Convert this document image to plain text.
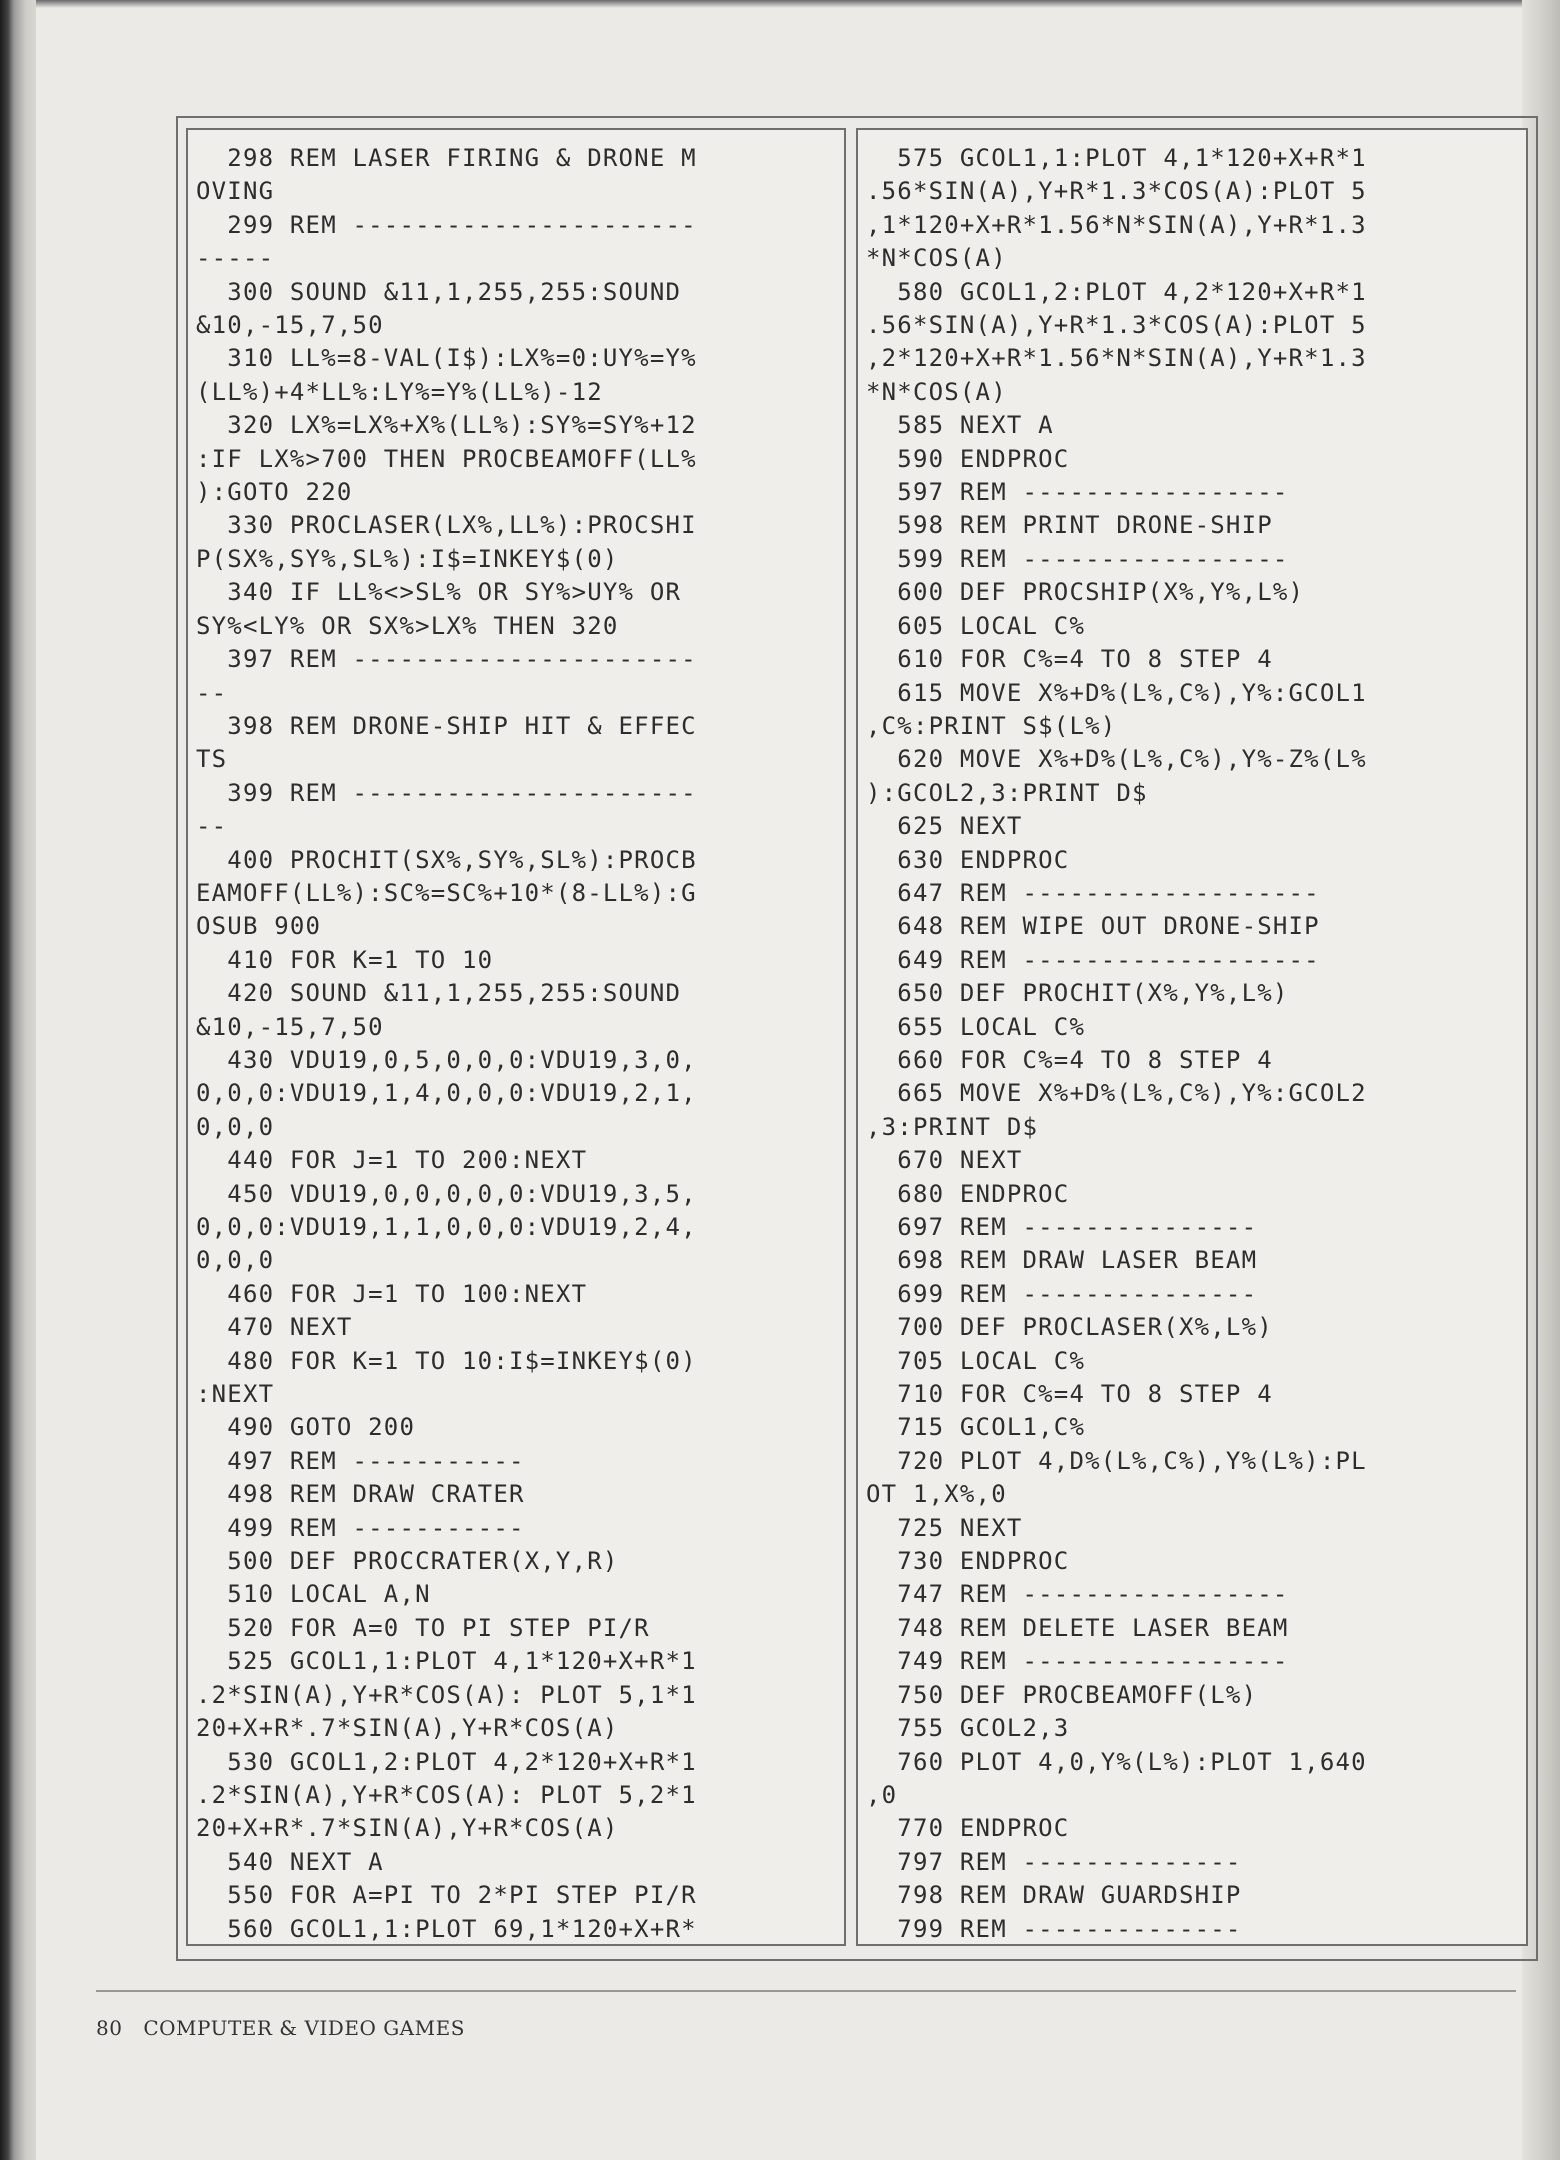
298 REM LASER FIRING & DRONE M
OVING
299 REM ----------------------
-----
300 SOUND &11,1,255,255:SOUND
&10,-15,7,50
310 LL%=8-VAL(I$):LX%=0:UY%=Y%
(LL%)+4*LL%:LY%=Y%(LL%)-12
320 LX%=LX%+X%(LL%):SY%=SY%+12
:IF LX%>700 THEN PROCBEAMOFF(LL%
):GOTO 220
330 PROCLASER(LX%,LL%):PROCSHI
P(SX%,SY%,SL%):I$=INKEY$(0)
340 IF LL%<>SL% OR SY%>UY% OR
SY%<LY% OR SX%>LX% THEN 320
397 REM ----------------------
--
398 REM DRONE-SHIP HIT & EFFEC
TS
399 REM ----------------------
--
400 PROCHIT(SX%,SY%,SL%):PROCB
EAMOFF(LL%):SC%=SC%+10*(8-LL%):G
OSUB 900
410 FOR K=1 TO 10
420 SOUND &11,1,255,255:SOUND
&10,-15,7,50
430 VDU19,0,5,0,0,0:VDU19,3,0,
0,0,0:VDU19,1,4,0,0,0:VDU19,2,1,
0,0,0
440 FOR J=1 TO 200:NEXT
450 VDU19,0,0,0,0,0:VDU19,3,5,
0,0,0:VDU19,1,1,0,0,0:VDU19,2,4,
0,0,0
460 FOR J=1 TO 100:NEXT
470 NEXT
480 FOR K=1 TO 10:I$=INKEY$(0)
:NEXT
490 GOTO 200
497 REM -----------
498 REM DRAW CRATER
499 REM -----------
500 DEF PROCCRATER(X,Y,R)
510 LOCAL A,N
520 FOR A=0 TO PI STEP PI/R
525 GCOL1,1:PLOT 4,1*120+X+R*1
.2*SIN(A),Y+R*COS(A): PLOT 5,1*1
20+X+R*.7*SIN(A),Y+R*COS(A)
530 GCOL1,2:PLOT 4,2*120+X+R*1
.2*SIN(A),Y+R*COS(A): PLOT 5,2*1
20+X+R*.7*SIN(A),Y+R*COS(A)
540 NEXT A
550 FOR A=PI TO 2*PI STEP PI/R
560 GCOL1,1:PLOT 69,1*120+X+R*

575 GCOL1,1:PLOT 4,1*120+X+R*1
.56*SIN(A),Y+R*1.3*COS(A):PLOT 5
,1*120+X+R*1.56*N*SIN(A),Y+R*1.3
*N*COS(A)
580 GCOL1,2:PLOT 4,2*120+X+R*1
.56*SIN(A),Y+R*1.3*COS(A):PLOT 5
,2*120+X+R*1.56*N*SIN(A),Y+R*1.3
*N*COS(A)
585 NEXT A
590 ENDPROC
597 REM -----------------
598 REM PRINT DRONE-SHIP
599 REM -----------------
600 DEF PROCSHIP(X%,Y%,L%)
605 LOCAL C%
610 FOR C%=4 TO 8 STEP 4
615 MOVE X%+D%(L%,C%),Y%:GCOL1
,C%:PRINT S$(L%)
620 MOVE X%+D%(L%,C%),Y%-Z%(L%
):GCOL2,3:PRINT D$
625 NEXT
630 ENDPROC
647 REM -------------------
648 REM WIPE OUT DRONE-SHIP
649 REM -------------------
650 DEF PROCHIT(X%,Y%,L%)
655 LOCAL C%
660 FOR C%=4 TO 8 STEP 4
665 MOVE X%+D%(L%,C%),Y%:GCOL2
,3:PRINT D$
670 NEXT
680 ENDPROC
697 REM ---------------
698 REM DRAW LASER BEAM
699 REM ---------------
700 DEF PROCLASER(X%,L%)
705 LOCAL C%
710 FOR C%=4 TO 8 STEP 4
715 GCOL1,C%
720 PLOT 4,D%(L%,C%),Y%(L%):PL
OT 1,X%,0
725 NEXT
730 ENDPROC
747 REM -----------------
748 REM DELETE LASER BEAM
749 REM -----------------
750 DEF PROCBEAMOFF(L%)
755 GCOL2,3
760 PLOT 4,0,Y%(L%):PLOT 1,640
,0
770 ENDPROC
797 REM --------------
798 REM DRAW GUARDSHIP
799 REM --------------

80 COMPUTER & VIDEO GAMES
